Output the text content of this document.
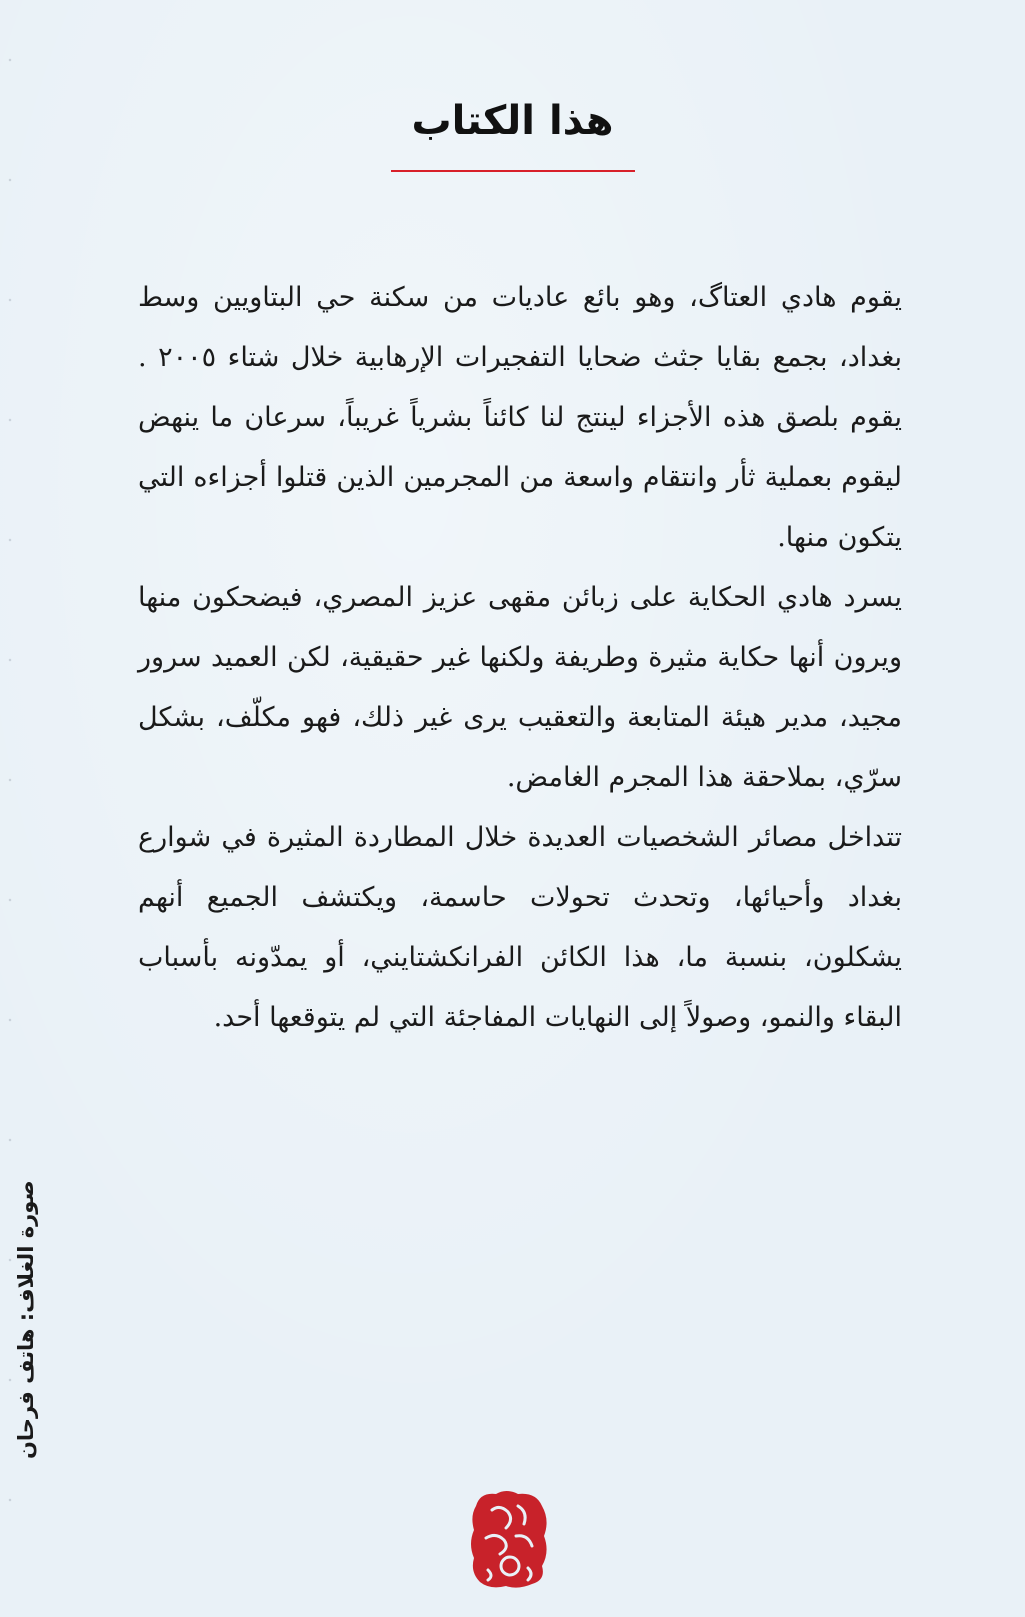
هذا الكتاب

يقوم هادي العتاگ، وهو بائع عاديات من سكنة حي البتاويين وسط بغداد، بجمع بقايا جثث ضحايا التفجيرات الإرهابية خلال شتاء ٢٠٠٥ . يقوم بلصق هذه الأجزاء لينتج لنا كائناً بشرياً غريباً، سرعان ما ينهض ليقوم بعملية ثأر وانتقام واسعة من المجرمين الذين قتلوا أجزاءه التي يتكون منها.

يسرد هادي الحكاية على زبائن مقهى عزيز المصري، فيضحكون منها ويرون أنها حكاية مثيرة وطريفة ولكنها غير حقيقية، لكن العميد سرور مجيد، مدير هيئة المتابعة والتعقيب يرى غير ذلك، فهو مكلّف، بشكل سرّي، بملاحقة هذا المجرم الغامض.

تتداخل مصائر الشخصيات العديدة خلال المطاردة المثيرة في شوارع بغداد وأحيائها، وتحدث تحولات حاسمة، ويكتشف الجميع أنهم يشكلون، بنسبة ما، هذا الكائن الفرانكشتايني، أو يمدّونه بأسباب البقاء والنمو، وصولاً إلى النهايات المفاجئة التي لم يتوقعها أحد.

صورة الغلاف: هاتف فرحان
